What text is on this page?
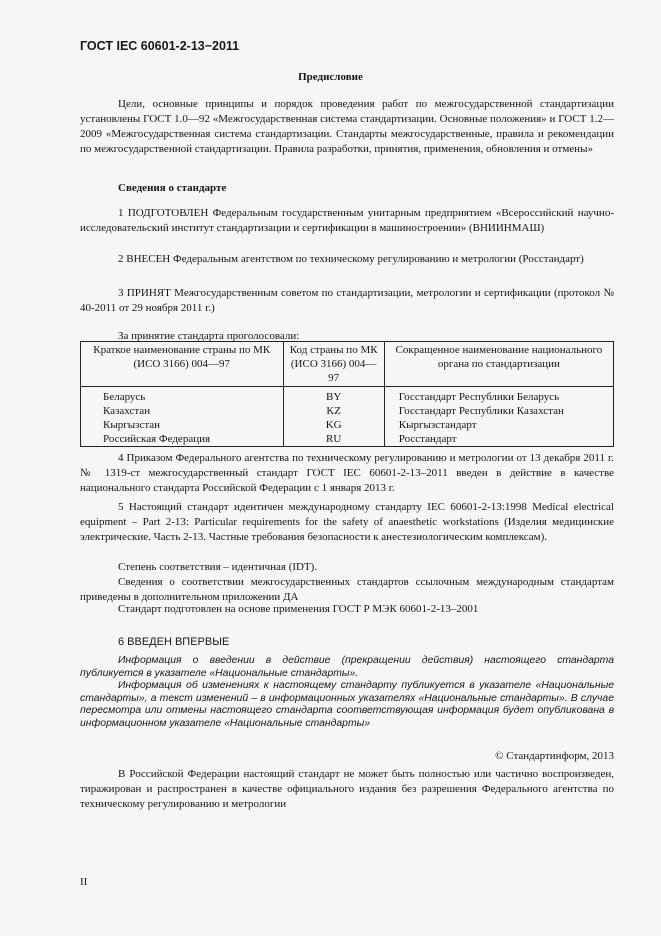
ГОСТ IEC 60601-2-13−2011
Предисловие
Цели, основные принципы и порядок проведения работ по межгосударственной стандартизации установлены ГОСТ 1.0—92 «Межгосударственная система стандартизации. Основные положения» и ГОСТ 1.2—2009 «Межгосударственная система стандартизации. Стандарты межгосударственные, правила и рекомендации по межгосударственной стандартизации. Правила разработки, принятия, применения, обновления и отмены»
Сведения о стандарте
1 ПОДГОТОВЛЕН Федеральным государственным унитарным предприятием «Всероссийский научно-исследовательский институт стандартизации и сертификации в машиностроении» (ВНИИНМАШ)
2 ВНЕСЕН Федеральным агентством по техническому регулированию и метрологии (Росстандарт)
3 ПРИНЯТ Межгосударственным советом по стандартизации, метрологии и сертификации (протокол № 40-2011 от 29 ноября 2011 г.)
За принятие стандарта проголосовали:
Краткое наименование страны по МК (ИСО 3166) 004—97	Код страны по МК (ИСО 3166) 004—97	Сокращенное наименование национального органа по стандартизации
Беларусь	BY	Госстандарт Республики Беларусь
Казахстан	KZ	Госстандарт Республики Казахстан
Кыргызстан	KG	Кыргызстандарт
Российская Федерация	RU	Росстандарт
4 Приказом Федерального агентства по техническому регулированию и метрологии от 13 декабря 2011 г. № 1319-ст межгосударственный стандарт ГОСТ IEC 60601-2-13–2011 введен в действие в качестве национального стандарта Российской Федерации с 1 января 2013 г.
5 Настоящий стандарт идентичен международному стандарту IEC 60601-2-13:1998 Medical electrical equipment – Part 2-13: Particular requirements for the safety of anaesthetic workstations (Изделия медицинские электрические. Часть 2-13. Частные требования безопасности к анестезиологическим комплексам).
Степень соответствия – идентичная (IDT).
Сведения о соответствии межгосударственных стандартов ссылочным международным стандартам приведены в дополнительном приложении ДА
Стандарт подготовлен на основе применения ГОСТ Р МЭК 60601-2-13–2001
6 ВВЕДЕН ВПЕРВЫЕ
Информация о введении в действие (прекращении действия) настоящего стандарта публикуется в указателе «Национальные стандарты».
Информация об изменениях к настоящему стандарту публикуется в указателе «Национальные стандарты», а текст изменений – в информационных указателях «Национальные стандарты». В случае пересмотра или отмены настоящего стандарта соответствующая информация будет опубликована в информационном указателе «Национальные стандарты»
© Стандартинформ, 2013
В Российской Федерации настоящий стандарт не может быть полностью или частично воспроизведен, тиражирован и распространен в качестве официального издания без разрешения Федерального агентства по техническому регулированию и метрологии
II
